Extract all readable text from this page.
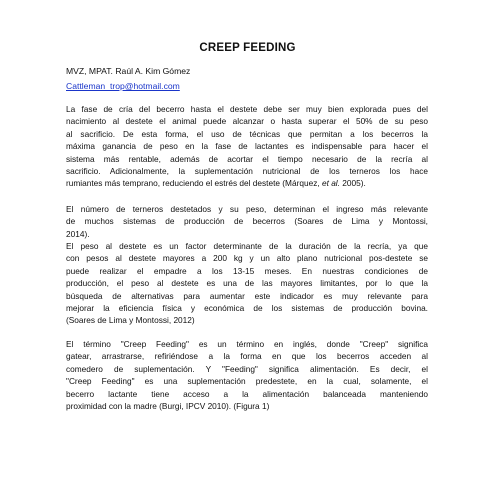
CREEP FEEDING
MVZ, MPAT. Raúl A. Kim Gómez
Cattleman_trop@hotmail.com

La fase de cría del becerro hasta el destete debe ser muy bien explorada pues del
nacimiento al destete el animal puede alcanzar o hasta superar el 50% de su peso
al sacrificio. De esta forma, el uso de técnicas que permitan a los becerros la
máxima ganancia de peso en la fase de lactantes es indispensable para hacer el
sistema más rentable, además de acortar el tiempo necesario de la recría al
sacrificio. Adicionalmente, la suplementación nutricional de los terneros los hace
rumiantes más temprano, reduciendo el estrés del destete (Márquez, et al. 2005).

El número de terneros destetados y su peso, determinan el ingreso más relevante
de muchos sistemas de producción de becerros (Soares de Lima y Montossi,
2014).

El peso al destete es un factor determinante de la duración de la recría, ya que
con pesos al destete mayores a 200 kg y un alto plano nutricional pos-destete se
puede realizar el empadre a los 13-15 meses. En nuestras condiciones de
producción, el peso al destete es una de las mayores limitantes, por lo que la
búsqueda de alternativas para aumentar este indicador es muy relevante para
mejorar la eficiencia física y económica de los sistemas de producción bovina.
(Soares de Lima y Montossi, 2012)

El término "Creep Feeding" es un término en inglés, donde "Creep" significa
gatear, arrastrarse, refiriéndose a la forma en que los becerros acceden al
comedero de suplementación. Y "Feeding" significa alimentación. Es decir, el
"Creep Feeding" es una suplementación predestete, en la cual, solamente, el
becerro lactante tiene acceso a la alimentación balanceada manteniendo
proximidad con la madre (Burgi, IPCV 2010). (Figura 1)
